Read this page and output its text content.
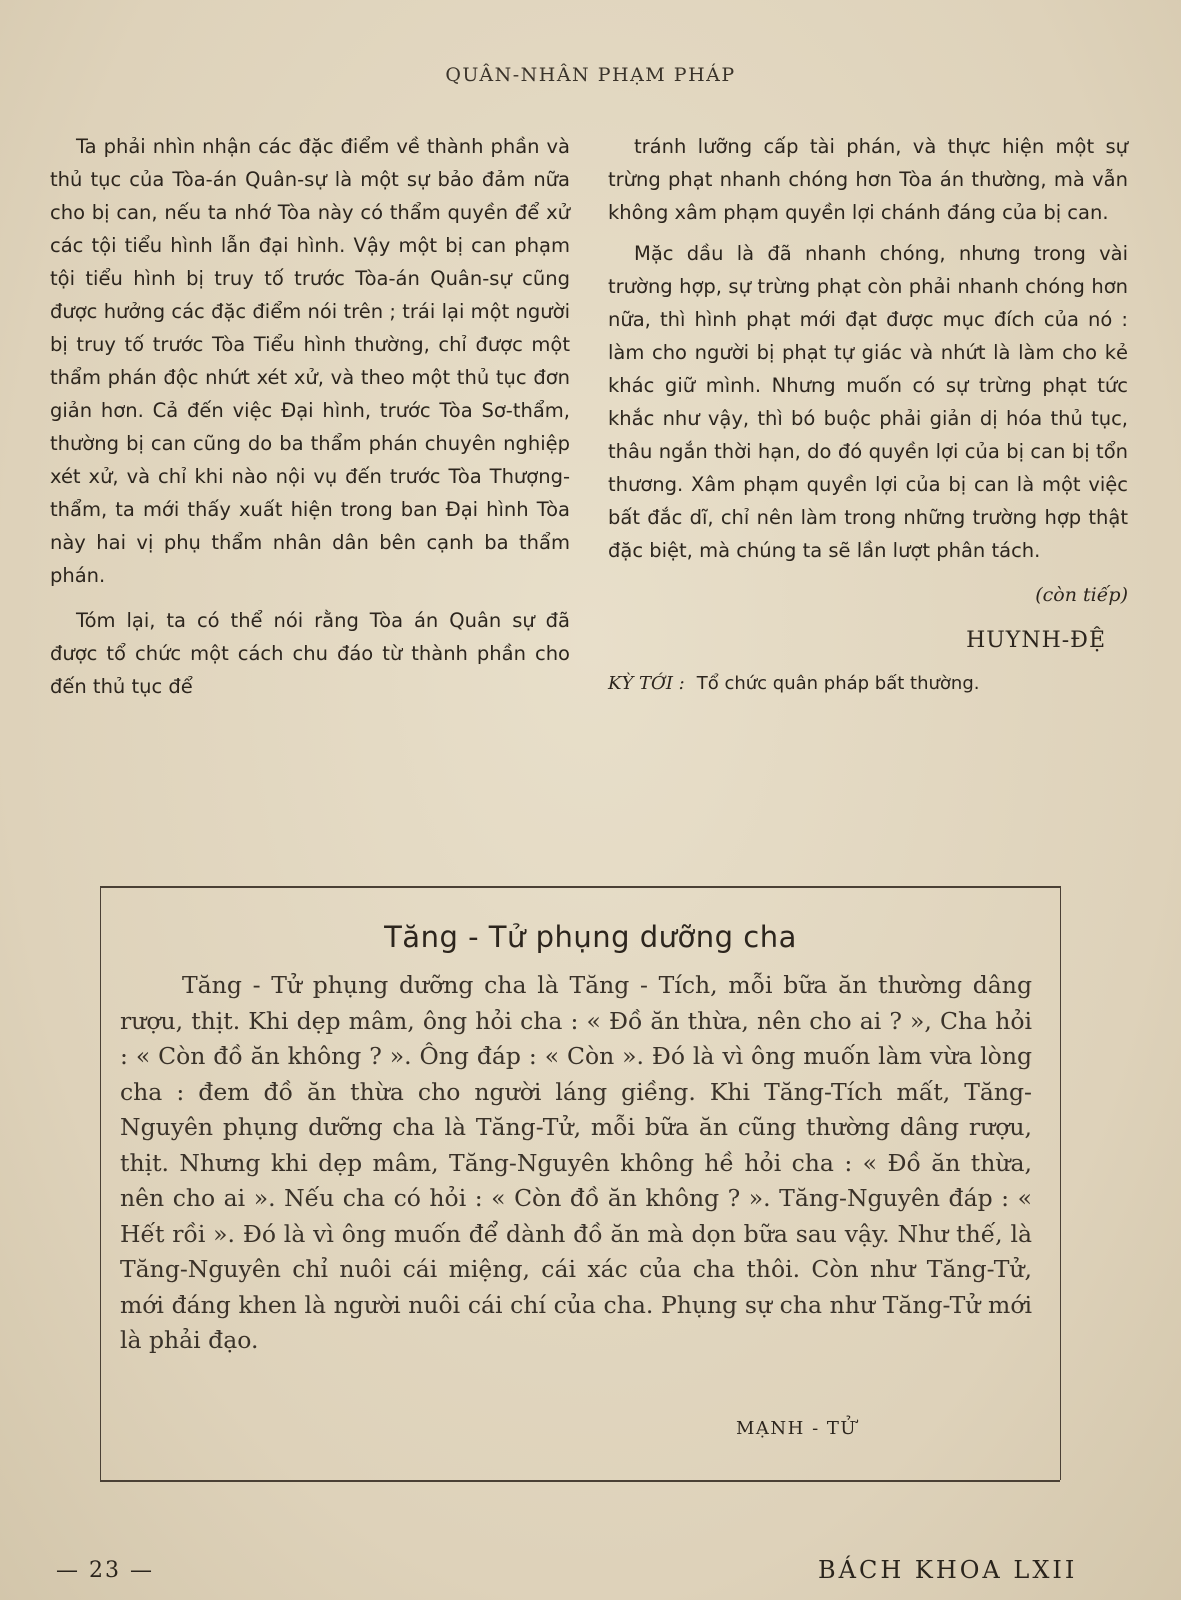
QUÂN-NHÂN PHẠM PHÁP

Ta phải nhìn nhận các đặc điểm về thành phần và thủ tục của Tòa-án Quân-sự là một sự bảo đảm nữa cho bị can, nếu ta nhớ Tòa này có thẩm quyền để xử các tội tiểu hình lẫn đại hình. Vậy một bị can phạm tội tiểu hình bị truy tố trước Tòa-án Quân-sự cũng được hưởng các đặc điểm nói trên ; trái lại một người bị truy tố trước Tòa Tiểu hình thường, chỉ được một thẩm phán độc nhứt xét xử, và theo một thủ tục đơn giản hơn. Cả đến việc Đại hình, trước Tòa Sơ-thẩm, thường bị can cũng do ba thẩm phán chuyên nghiệp xét xử, và chỉ khi nào nội vụ đến trước Tòa Thượng-thẩm, ta mới thấy xuất hiện trong ban Đại hình Tòa này hai vị phụ thẩm nhân dân bên cạnh ba thẩm phán.

Tóm lại, ta có thể nói rằng Tòa án Quân sự đã được tổ chức một cách chu đáo từ thành phần cho đến thủ tục để

tránh lưỡng cấp tài phán, và thực hiện một sự trừng phạt nhanh chóng hơn Tòa án thường, mà vẫn không xâm phạm quyền lợi chánh đáng của bị can.

Mặc dầu là đã nhanh chóng, nhưng trong vài trường hợp, sự trừng phạt còn phải nhanh chóng hơn nữa, thì hình phạt mới đạt được mục đích của nó : làm cho người bị phạt tự giác và nhứt là làm cho kẻ khác giữ mình. Nhưng muốn có sự trừng phạt tức khắc như vậy, thì bó buộc phải giản dị hóa thủ tục, thâu ngắn thời hạn, do đó quyền lợi của bị can bị tổn thương. Xâm phạm quyền lợi của bị can là một việc bất đắc dĩ, chỉ nên làm trong những trường hợp thật đặc biệt, mà chúng ta sẽ lần lượt phân tách.

(còn tiếp)

HUYNH-ĐỆ
KỲ TỚI : Tổ chức quân pháp bất thường.
Tăng - Tử phụng dưỡng cha

Tăng - Tử phụng dưỡng cha là Tăng - Tích, mỗi bữa ăn thường dâng rượu, thịt. Khi dẹp mâm, ông hỏi cha : « Đồ ăn thừa, nên cho ai ? », Cha hỏi : « Còn đồ ăn không ? ». Ông đáp : « Còn ». Đó là vì ông muốn làm vừa lòng cha : đem đồ ăn thừa cho người láng giềng. Khi Tăng-Tích mất, Tăng-Nguyên phụng dưỡng cha là Tăng-Tử, mỗi bữa ăn cũng thường dâng rượu, thịt. Nhưng khi dẹp mâm, Tăng-Nguyên không hề hỏi cha : « Đồ ăn thừa, nên cho ai ». Nếu cha có hỏi : « Còn đồ ăn không ? ». Tăng-Nguyên đáp : « Hết rồi ». Đó là vì ông muốn để dành đồ ăn mà dọn bữa sau vậy. Như thế, là Tăng-Nguyên chỉ nuôi cái miệng, cái xác của cha thôi. Còn như Tăng-Tử, mới đáng khen là người nuôi cái chí của cha. Phụng sự cha như Tăng-Tử mới là phải đạo.

MẠNH - TỬ
— 23 —	BÁCH KHOA LXII
